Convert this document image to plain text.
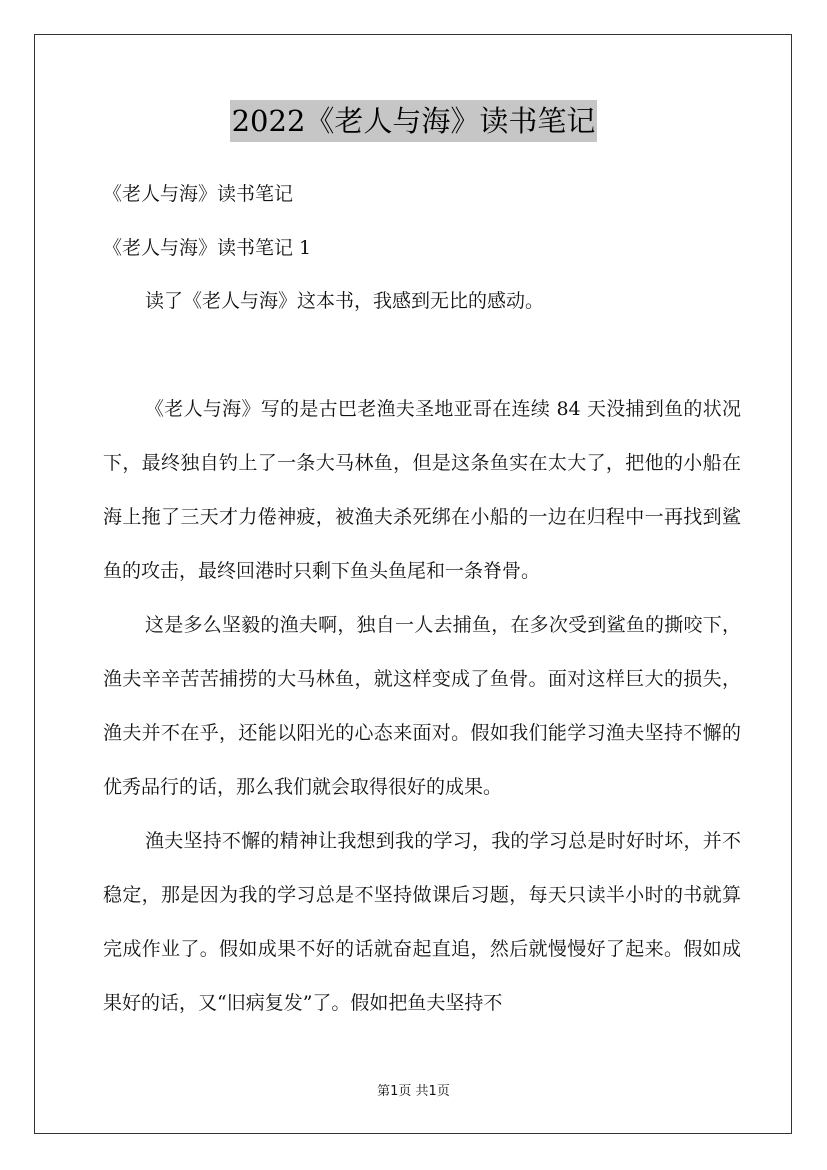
2022《老人与海》读书笔记
《老人与海》读书笔记
《老人与海》读书笔记 1

读了《老人与海》这本书，我感到无比的感动。

《老人与海》写的是古巴老渔夫圣地亚哥在连续 84 天没捕到鱼的状况下，最终独自钓上了一条大马林鱼，但是这条鱼实在太大了，把他的小船在海上拖了三天才力倦神疲，被渔夫杀死绑在小船的一边在归程中一再找到鲨鱼的攻击，最终回港时只剩下鱼头鱼尾和一条脊骨。

这是多么坚毅的渔夫啊，独自一人去捕鱼，在多次受到鲨鱼的撕咬下，渔夫辛辛苦苦捕捞的大马林鱼，就这样变成了鱼骨。面对这样巨大的损失，渔夫并不在乎，还能以阳光的心态来面对。假如我们能学习渔夫坚持不懈的优秀品行的话，那么我们就会取得很好的成果。

渔夫坚持不懈的精神让我想到我的学习，我的学习总是时好时坏，并不稳定，那是因为我的学习总是不坚持做课后习题，每天只读半小时的书就算完成作业了。假如成果不好的话就奋起直追，然后就慢慢好了起来。假如成果好的话，又“旧病复发”了。假如把鱼夫坚持不

第1页 共1页
